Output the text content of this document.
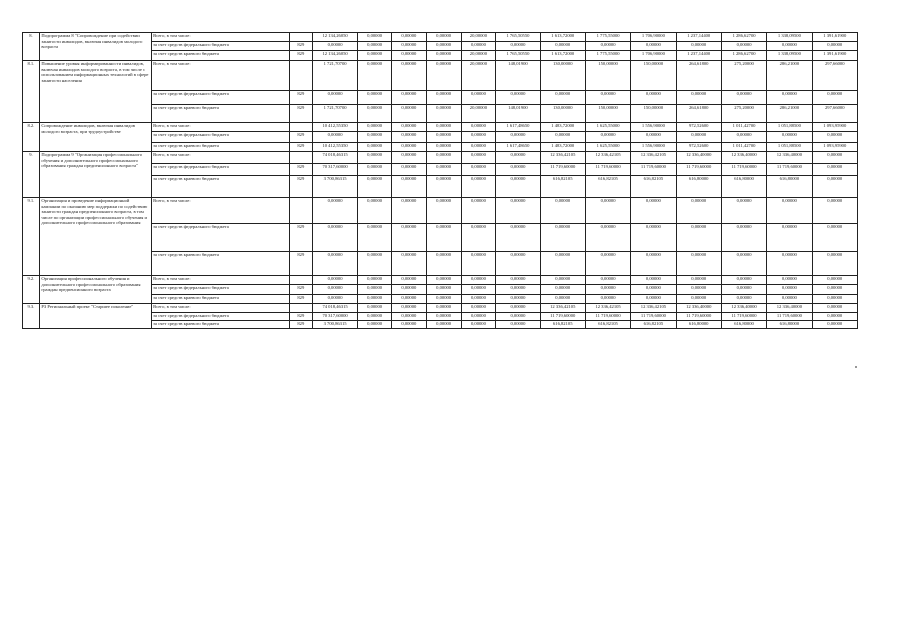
8.	Подпрограмма 8 "Сопровождение при содействии занятости инвалидов, включая инвалидов молодого возраста	Всего, в том числе:		12 134,26050	0,00000	0,00000	0,00000	20,00000	1 765,50550	1 613,72000	1 775,55000	1 706,90000	1 237,14400	1 286,62700	1 338,09500	1 391,61900
		за счет средств федерального бюджета	829	0,00000	0,00000	0,00000	0,00000	0,00000	0,00000	0,00000	0,00000	0,00000	0,00000	0,00000	0,00000	0,00000
		за счет средств краевого бюджета	829	12 134,26050	0,00000	0,00000	0,00000	20,00000	1 765,50550	1 613,72000	1 775,55000	1 706,90000	1 237,14400	1 286,62700	1 338,09500	1 391,61900
8.1.	Повышение уровня информированности инвалидов, включая инвалидов молодого возраста, в том числе с использованием информационных технологий в сфере занятости населения	Всего, в том числе:		1 721,70700	0,00000	0,00000	0,00000	20,00000	148,01900	130,00000	150,00000	150,00000	264,61800	275,20000	286,21000	297,66000
		за счет средств федерального бюджета	829	0,00000	0,00000	0,00000	0,00000	0,00000	0,00000	0,00000	0,00000	0,00000	0,00000	0,00000	0,00000	0,00000
		за счет средств краевого бюджета	829	1 721,70700	0,00000	0,00000	0,00000	20,00000	148,01900	130,00000	150,00000	150,00000	264,61800	275,20000	286,21000	297,66000
8.2.	Сопровождение инвалидов, включая инвалидов молодого возраста, при трудоустройстве	Всего, в том числе:		10 412,55350	0,00000	0,00000	0,00000	0,00000	1 617,48650	1 483,72000	1 625,55000	1 556,90000	972,52600	1 011,42700	1 051,88500	1 093,95900
		за счет средств федерального бюджета	829	0,00000	0,00000	0,00000	0,00000	0,00000	0,00000	0,00000	0,00000	0,00000	0,00000	0,00000	0,00000	0,00000
		за счет средств краевого бюджета	829	10 412,55350	0,00000	0,00000	0,00000	0,00000	1 617,48650	1 483,72000	1 625,55000	1 556,90000	972,52600	1 011,42700	1 051,88500	1 093,95900
9.	Подпрограмма 9 "Организация профессионального обучения и дополнительного профессионального образования граждан предпенсионного возраста"	Всего, в том числе:		74 018,46315	0,00000	0,00000	0,00000	0,00000	0,00000	12 336,42105	12 336,42105	12 336,42105	12 336,40000	12 336,40000	12 336,40000	0,00000
		за счет средств федерального бюджета	829	70 317,60000	0,00000	0,00000	0,00000	0,00000	0,00000	11 719,60000	11 719,60000	11 719,60000	11 719,60000	11 719,60000	11 719,60000	0,00000
		за счет средств краевого бюджета	829	3 700,86315	0,00000	0,00000	0,00000	0,00000	0,00000	616,82105	616,82105	616,82105	616,80000	616,80000	616,80000	0,00000
9.1.	Организация и проведение информационной кампании по оказанию мер поддержки по содействию занятости граждан предпенсионного возраста, в том числе по организации профессионального обучения и дополнительного профессионального образования	Всего, в том числе:		0,00000	0,00000	0,00000	0,00000	0,00000	0,00000	0,00000	0,00000	0,00000	0,00000	0,00000	0,00000	0,00000
		за счет средств федерального бюджета	829	0,00000	0,00000	0,00000	0,00000	0,00000	0,00000	0,00000	0,00000	0,00000	0,00000	0,00000	0,00000	0,00000
		за счет средств краевого бюджета	829	0,00000	0,00000	0,00000	0,00000	0,00000	0,00000	0,00000	0,00000	0,00000	0,00000	0,00000	0,00000	0,00000
9.2.	Организация профессионального обучения и дополнительного профессионального образования граждан предпенсионного возраста	Всего, в том числе:		0,00000	0,00000	0,00000	0,00000	0,00000	0,00000	0,00000	0,00000	0,00000	0,00000	0,00000	0,00000	0,00000
		за счет средств федерального бюджета	829	0,00000	0,00000	0,00000	0,00000	0,00000	0,00000	0,00000	0,00000	0,00000	0,00000	0,00000	0,00000	0,00000
		за счет средств краевого бюджета	829	0,00000	0,00000	0,00000	0,00000	0,00000	0,00000	0,00000	0,00000	0,00000	0,00000	0,00000	0,00000	0,00000
9.3.	Р3 Региональный проект "Старшее поколение"	Всего, в том числе:		74 018,46315	0,00000	0,00000	0,00000	0,00000	0,00000	12 336,42105	12 336,42105	12 336,42105	12 336,40000	12 336,40000	12 336,40000	0,00000
		за счет средств федерального бюджета	829	70 317,60000	0,00000	0,00000	0,00000	0,00000	0,00000	11 719,60000	11 719,60000	11 719,60000	11 719,60000	11 719,60000	11 719,60000	0,00000
		за счет средств краевого бюджета	829	3 700,86315	0,00000	0,00000	0,00000	0,00000	0,00000	616,82105	616,82105	616,82105	616,80000	616,80000	616,80000	0,00000
